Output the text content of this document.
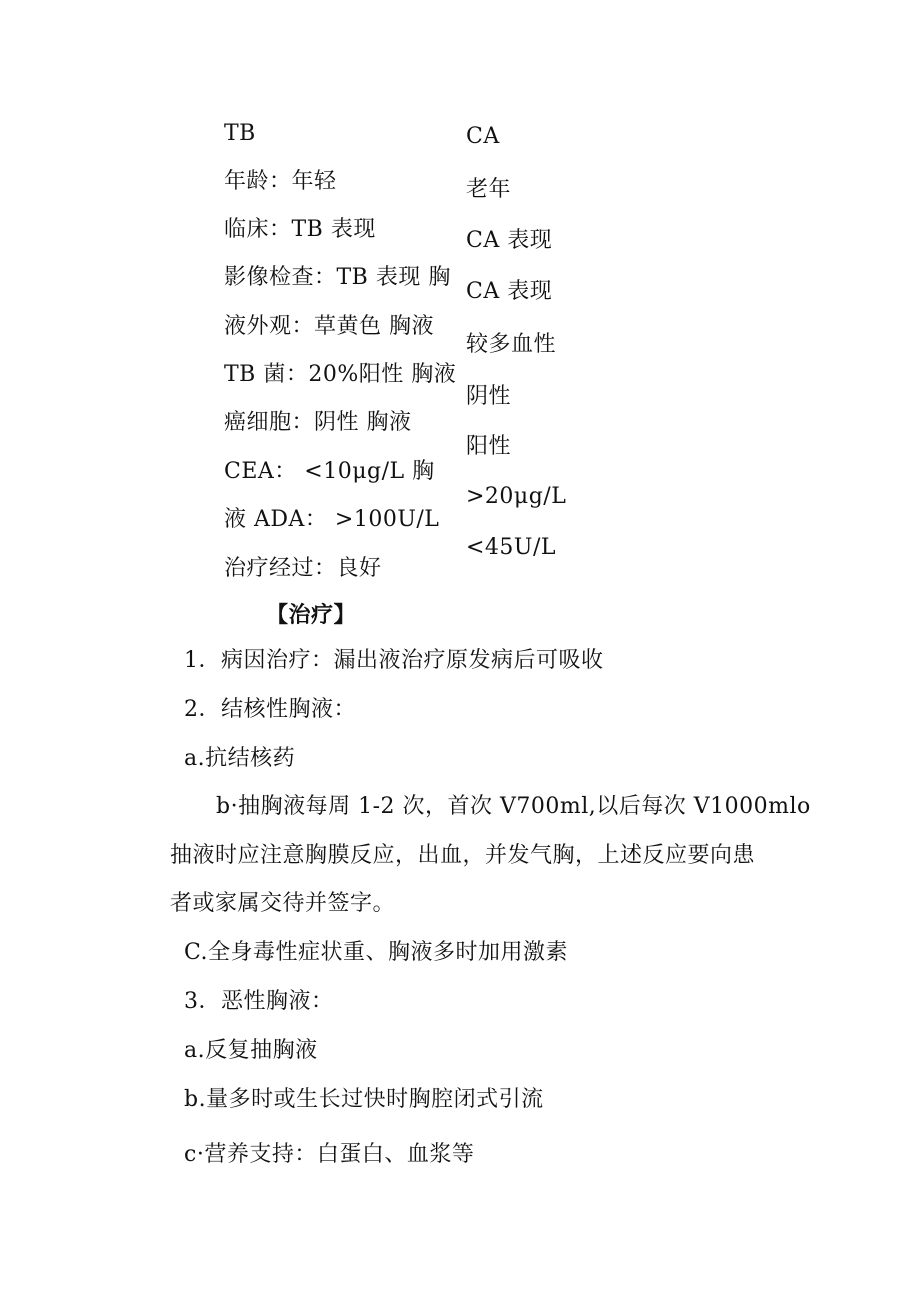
TB
年龄：年轻
临床：TB 表现
影像检查：TB 表现 胸
液外观：草黄色 胸液
TB 菌：20%阳性 胸液
癌细胞：阴性 胸液
CEA： <10μg/L 胸
液 ADA： >100U/L
治疗经过：良好
CA
老年
CA 表现
CA 表现
较多血性
阴性
阳性
>20μg/L
<45U/L
【治疗】
1．病因治疗：漏出液治疗原发病后可吸收
2．结核性胸液：
a.抗结核药
b·抽胸液每周 1-2 次，首次 V700ml,以后每次 V1000mlo
抽液时应注意胸膜反应，出血，并发气胸，上述反应要向患
者或家属交待并签字。
C.全身毒性症状重、胸液多时加用激素
3．恶性胸液：
a.反复抽胸液
b.量多时或生长过快时胸腔闭式引流
c·营养支持：白蛋白、血浆等
